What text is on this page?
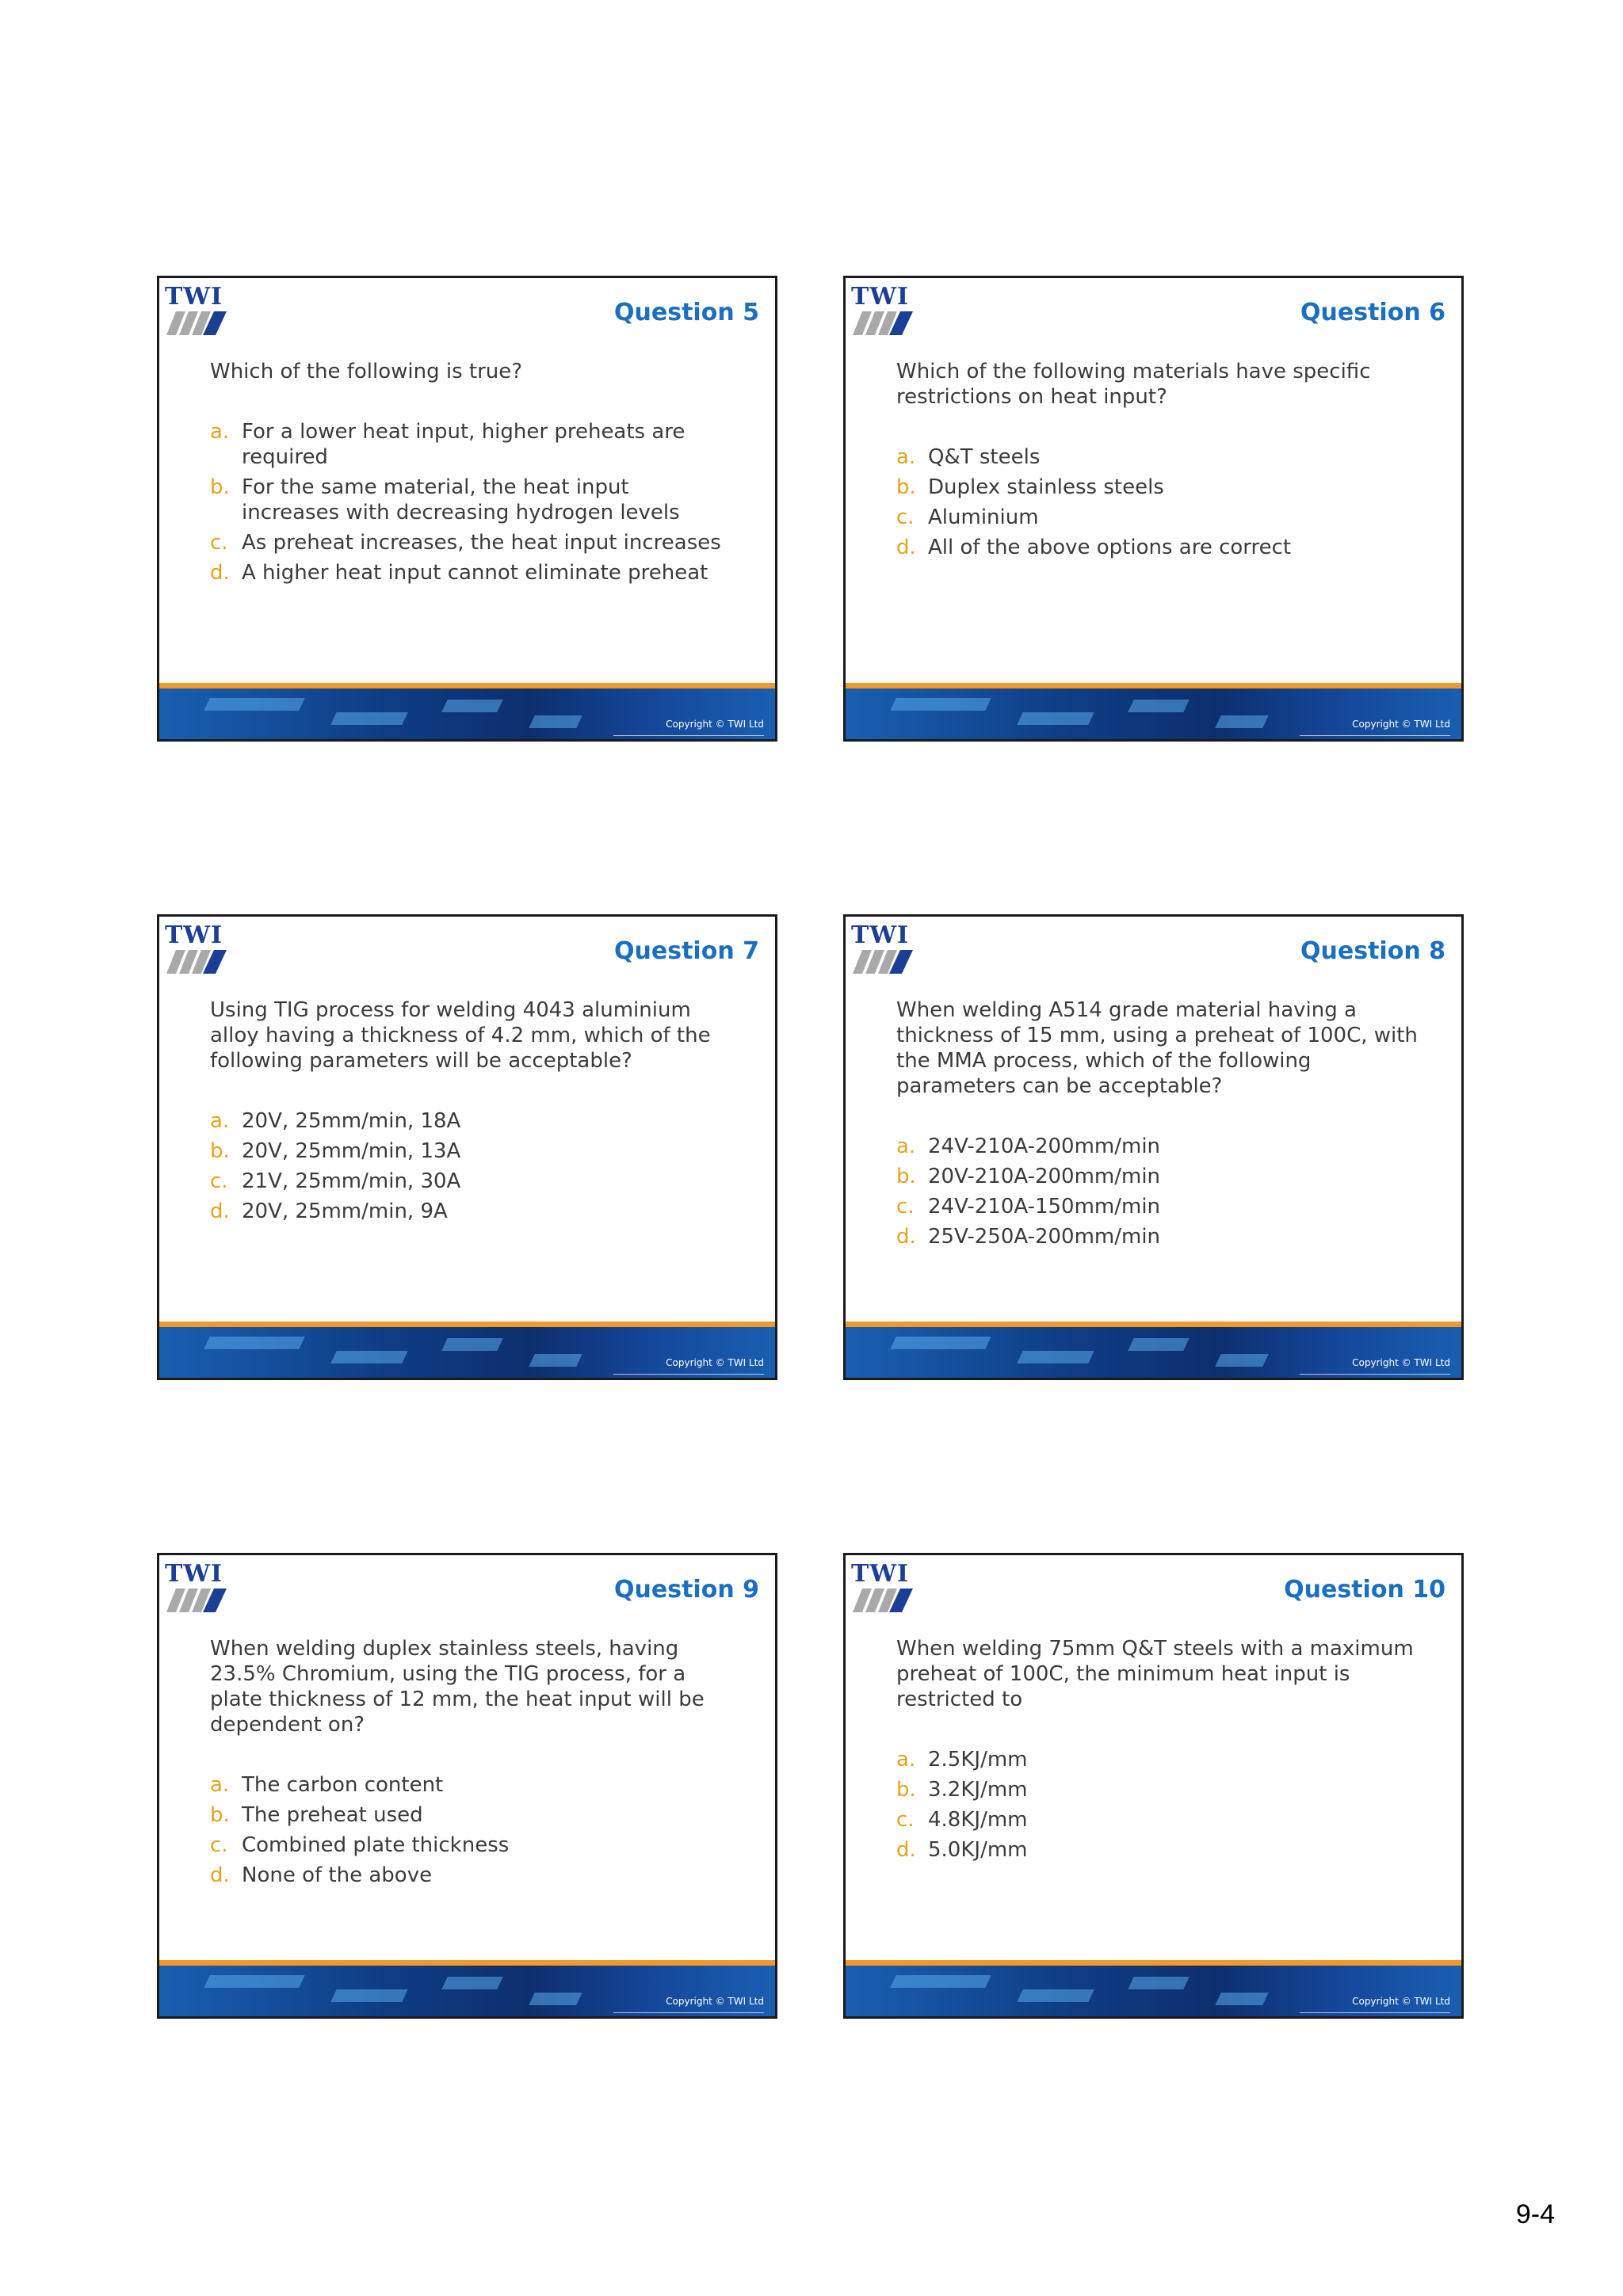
TWI
Question 5

Which of the following is true?

a. For a lower heat input, higher preheats are required
b. For the same material, the heat input increases with decreasing hydrogen levels
c. As preheat increases, the heat input increases
d. A higher heat input cannot eliminate preheat
Copyright © TWI Ltd
TWI
Question 6

Which of the following materials have specific restrictions on heat input?

a. Q&T steels
b. Duplex stainless steels
c. Aluminium
d. All of the above options are correct
Copyright © TWI Ltd
TWI
Question 7

Using TIG process for welding 4043 aluminium alloy having a thickness of 4.2 mm, which of the following parameters will be acceptable?

a. 20V, 25mm/min, 18A
b. 20V, 25mm/min, 13A
c. 21V, 25mm/min, 30A
d. 20V, 25mm/min, 9A
Copyright © TWI Ltd
TWI
Question 8

When welding A514 grade material having a thickness of 15 mm, using a preheat of 100C, with the MMA process, which of the following parameters can be acceptable?

a. 24V-210A-200mm/min
b. 20V-210A-200mm/min
c. 24V-210A-150mm/min
d. 25V-250A-200mm/min
Copyright © TWI Ltd
TWI
Question 9

When welding duplex stainless steels, having 23.5% Chromium, using the TIG process, for a plate thickness of 12 mm, the heat input will be dependent on?

a. The carbon content
b. The preheat used
c. Combined plate thickness
d. None of the above
Copyright © TWI Ltd
TWI
Question 10

When welding 75mm Q&T steels with a maximum preheat of 100C, the minimum heat input is restricted to

a. 2.5KJ/mm
b. 3.2KJ/mm
c. 4.8KJ/mm
d. 5.0KJ/mm
Copyright © TWI Ltd
9-4
